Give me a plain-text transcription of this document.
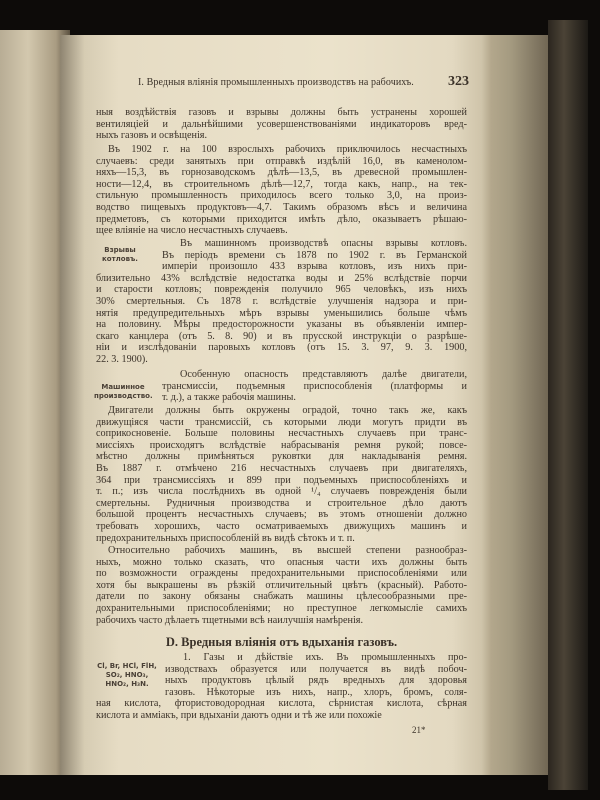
I. Вредныя вліянія промышленныхъ производствъ на рабочихъ. 323
ныя воздѣйствія газовъ и взрывы должны быть устранены хорошей
вентиляціей и дальнѣйшими усовершенствованіями индикаторовъ вред-
ныхъ газовъ и освѣщенія.
Въ 1902 г. на 100 взрослыхъ рабочихъ приключилось несчастныхъ
случаевъ: среди занятыхъ при отправкѣ издѣлій 16,0, въ каменолом-
няхъ—15,3, въ горнозаводскомъ дѣлѣ—13,5, въ древесной промышлен-
ности—12,4, въ строительномъ дѣлѣ—12,7, тогда какъ, напр., на тек-
стильную промышленность приходилось всего только 3,0, на произ-
водство пищевыхъ продуктовъ—4,7. Такимъ образомъ вѣсъ и величина
предметовъ, съ которыми приходится имѣть дѣло, оказываетъ рѣшаю-
щее вліяніе на число несчастныхъ случаевъ.
Взрывы котловъ.
Въ машинномъ производствѣ опасны взрывы котловъ.
Въ періодъ времени съ 1878 по 1902 г. въ Германской
имперіи произошло 433 взрыва котловъ, изъ нихъ при-
близительно 43% вслѣдствіе недостатка воды и 25% вслѣдствіе порчи
и старости котловъ; поврежденія получило 965 человѣкъ, изъ нихъ
30% смертельныя. Съ 1878 г. вслѣдствіе улучшенія надзора и при-
нятія предупредительныхъ мѣръ взрывы уменьшились больше чѣмъ
на половину. Мѣры предосторожности указаны въ объявленіи импер-
скаго канцлера (отъ 5. 8. 90) и въ прусской инструкціи о разрѣше-
ніи и изслѣдованіи паровыхъ котловъ (отъ 15. 3. 97, 9. 3. 1900,
22. 3. 1900).
Машинное производство.
Особенную опасность представляютъ далѣе двигатели,
трансмиссіи, подъемныя приспособленія (платформы и
т. д.), а также рабочія машины.
Двигатели должны быть окружены оградой, точно такъ же, какъ
движущіяся части трансмиссій, съ которыми люди могутъ придти въ
соприкосновеніе. Больше половины несчастныхъ случаевъ при транс-
миссіяхъ происходятъ вслѣдствіе набрасыванія ремня рукой; повсе-
мѣстно должны примѣняться руковтки для накладыванія ремня.
Въ 1887 г. отмѣчено 216 несчастныхъ случаевъ при двигателяхъ,
364 при трансмиссіяхъ и 899 при подъемныхъ приспособленіяхъ и
т. п.; изъ числа послѣднихъ въ одной ¹/₄ случаевъ поврежденія были
смертельны. Рудничныя производства и строительное дѣло даютъ
большой процентъ несчастныхъ случаевъ; въ этомъ отношеніи должно
требовать хорошихъ, часто осматриваемыхъ движущихъ машинъ и
предохранительныхъ приспособленій въ видѣ сѣтокъ и т. п.
Относительно рабочихъ машинъ, въ высшей степени разнообраз-
ныхъ, можно только сказать, что опасныя части ихъ должны быть
по возможности ограждены предохранительными приспособленіями или
хотя бы выкрашены въ рѣзкій отличительный цвѣтъ (красный). Работо-
датели по закону обязаны снабжать машины цѣлесообразными пре-
дохранительными приспособленіями; но преступное легкомысліе самихъ
рабочихъ часто дѣлаетъ тщетными всѣ наилучшія намѣренія.
D. Вредныя вліянія отъ вдыханія газовъ.
Cl, Br, HCl, FlH, SO₂, HNO₃, HNO₂, H₃N.
1. Газы и дѣйствіе ихъ. Въ промышленныхъ про-
изводствахъ образуется или получается въ видѣ побоч-
ныхъ продуктовъ цѣлый рядъ вредныхъ для здоровья
газовъ. Нѣкоторые изъ нихъ, напр., хлоръ, бромъ, соля-
ная кислота, фтористоводородная кислота, сѣрнистая кислота, сѣрная
кислота и аммiакъ, при вдыханiи даютъ одни и тѣ же или похожіе
21*
